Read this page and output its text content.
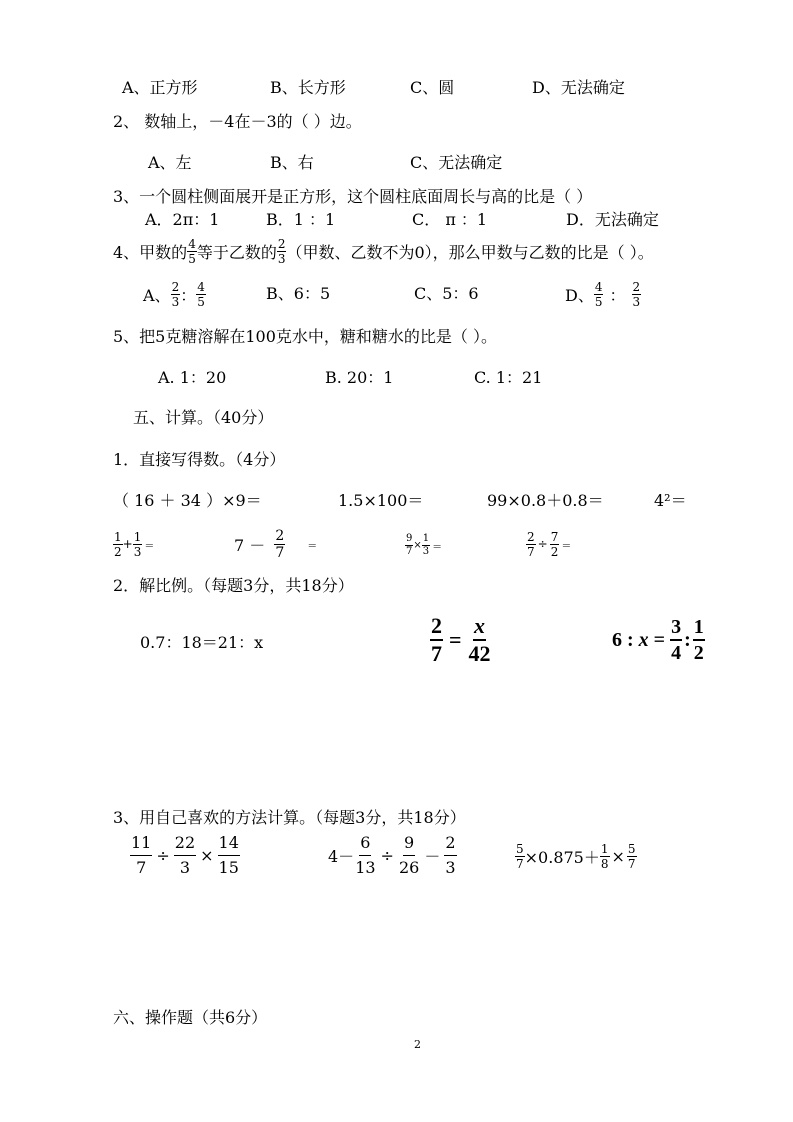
A、正方形	B、长方形	C、圆	D、无法确定
2、 数轴上，－4在－3的（ ）边。
A、左	B、右	C、无法确定
3、一个圆柱侧面展开是正方形，这个圆柱底面周长与高的比是（ ）
A．2π：1	B．1 ：1	C． π ：1	D．无法确定
4、甲数的 $\frac{4}{5}$ 等于乙数的 $\frac{2}{3}$ （甲数、乙数不为0），那么甲数与乙数的比是（ ）。
A、 $\frac{2}{3}$ ： $\frac{4}{5}$	B、6：5	C、5：6	D、 $\frac{4}{5}$ ： $\frac{2}{3}$
5、把5克糖溶解在100克水中，糖和糖水的比是（ ）。
A. 1：20	B. 20：1	C. 1：21
五、计算。（40分）
1．直接写得数。（4分）
（ 16 ＋ 34 ）×9＝	1.5×100＝	99×0.8＋0.8＝	4²＝
$\frac{1}{2} + \frac{1}{3}$ ＝	$7 - \frac{2}{7}$ ＝	$\frac{9}{7} \times \frac{1}{3}$ ＝	$\frac{2}{7} \div \frac{7}{2}$ ＝
2．解比例。（每题3分，共18分）
0.7：18＝21：x	$\frac{2}{7} = \frac{x}{42}$	6 : $x = \frac{3}{4}$ : $\frac{1}{2}$
3、用自己喜欢的方法计算。（每题3分，共18分）
$\frac{11}{7} \div \frac{22}{3} \times \frac{14}{15}$	$4- \frac{6}{13} \div \frac{9}{26} - \frac{2}{3}$	$\frac{5}{7} \times 0.875+ \frac{1}{8} \times \frac{5}{7}$
六、操作题（共6分）
2
